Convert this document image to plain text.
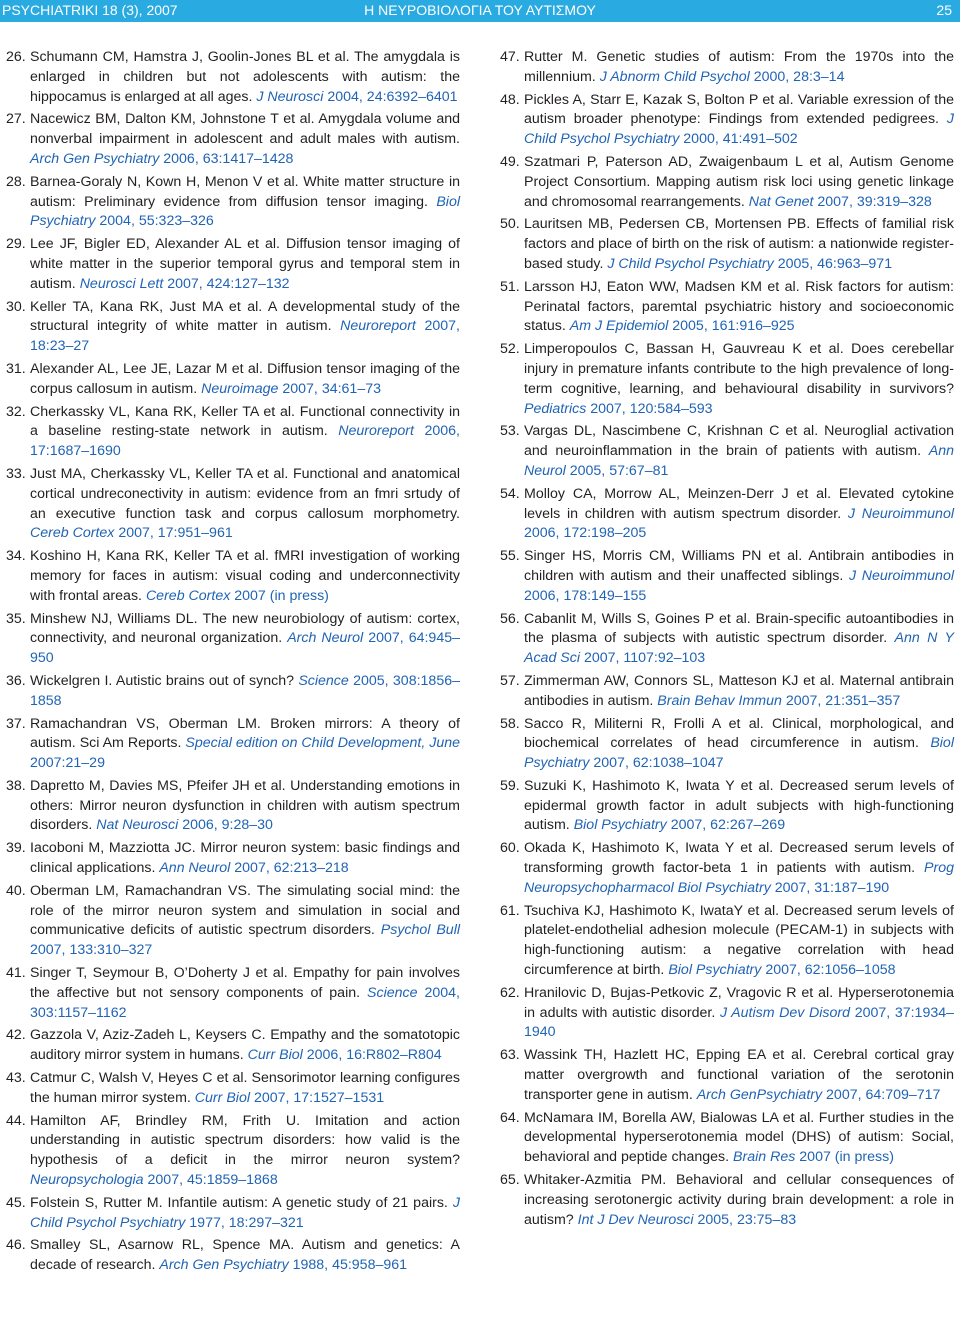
PSYCHIATRIKI 18 (3), 2007	Η ΝΕΥΡΟΒΙΟΛΟΓΙΑ ΤΟΥ ΑΥΤΙΣΜΟΥ	25
26. Schumann CM, Hamstra J, Goolin-Jones BL et al. The amygdala is enlarged in children but not adolescents with autism: the hippocamus is enlarged at all ages. J Neurosci 2004, 24:6392–6401
27. Nacewicz BM, Dalton KM, Johnstone T et al. Amygdala volume and nonverbal impairment in adolescent and adult males with autism. Arch Gen Psychiatry 2006, 63:1417–1428
28. Barnea-Goraly N, Kown H, Menon V et al. White matter structure in autism: Preliminary evidence from diffusion tensor imaging. Biol Psychiatry 2004, 55:323–326
29. Lee JF, Bigler ED, Alexander AL et al. Diffusion tensor imaging of white matter in the superior temporal gyrus and temporal stem in autism. Neurosci Lett 2007, 424:127–132
30. Keller TA, Kana RK, Just MA et al. A developmental study of the structural integrity of white matter in autism. Neuroreport 2007, 18:23–27
31. Alexander AL, Lee JE, Lazar M et al. Diffusion tensor imaging of the corpus callosum in autism. Neuroimage 2007, 34:61–73
32. Cherkassky VL, Kana RK, Keller TA et al. Functional connectivity in a baseline resting-state network in autism. Neuroreport 2006, 17:1687–1690
33. Just MA, Cherkassky VL, Keller TA et al. Functional and anatomical cortical undreconectivity in autism: evidence from an fmri srtudy of an executive function task and corpus callosum morphometry. Cereb Cortex 2007, 17:951–961
34. Koshino H, Kana RK, Keller TA et al. fMRI investigation of working memory for faces in autism: visual coding and underconnectivity with frontal areas. Cereb Cortex 2007 (in press)
35. Minshew NJ, Williams DL. The new neurobiology of autism: cortex, connectivity, and neuronal organization. Arch Neurol 2007, 64:945–950
36. Wickelgren I. Autistic brains out of synch? Science 2005, 308:1856–1858
37. Ramachandran VS, Oberman LM. Broken mirrors: A theory of autism. Sci Am Reports. Special edition on Child Development, June 2007:21–29
38. Dapretto M, Davies MS, Pfeifer JH et al. Understanding emotions in others: Mirror neuron dysfunction in children with autism spectrum disorders. Nat Neurosci 2006, 9:28–30
39. Iacoboni M, Mazziotta JC. Mirror neuron system: basic findings and clinical applications. Ann Neurol 2007, 62:213–218
40. Oberman LM, Ramachandran VS. The simulating social mind: the role of the mirror neuron system and simulation in social and communicative deficits of autistic spectrum disorders. Psychol Bull 2007, 133:310–327
41. Singer T, Seymour B, O’Doherty J et al. Empathy for pain involves the affective but not sensory components of pain. Science 2004, 303:1157–1162
42. Gazzola V, Aziz-Zadeh L, Keysers C. Empathy and the somatotopic auditory mirror system in humans. Curr Biol 2006, 16:R802–R804
43. Catmur C, Walsh V, Heyes C et al. Sensorimotor learning configures the human mirror system. Curr Biol 2007, 17:1527–1531
44. Hamilton AF, Brindley RM, Frith U. Imitation and action understanding in autistic spectrum disorders: how valid is the hypothesis of a deficit in the mirror neuron system? Neuropsychologia 2007, 45:1859–1868
45. Folstein S, Rutter M. Infantile autism: A genetic study of 21 pairs. J Child Psychol Psychiatry 1977, 18:297–321
46. Smalley SL, Asarnow RL, Spence MA. Autism and genetics: A decade of research. Arch Gen Psychiatry 1988, 45:958–961
47. Rutter M. Genetic studies of autism: From the 1970s into the millennium. J Abnorm Child Psychol 2000, 28:3–14
48. Pickles A, Starr E, Kazak S, Bolton P et al. Variable exression of the autism broader phenotype: Findings from extended pedigrees. J Child Psychol Psychiatry 2000, 41:491–502
49. Szatmari P, Paterson AD, Zwaigenbaum L et al, Autism Genome Project Consortium. Mapping autism risk loci using genetic linkage and chromosomal rearrangements. Nat Genet 2007, 39:319–328
50. Lauritsen MB, Pedersen CB, Mortensen PB. Effects of familial risk factors and place of birth on the risk of autism: a nationwide register-based study. J Child Psychol Psychiatry 2005, 46:963–971
51. Larsson HJ, Eaton WW, Madsen KM et al. Risk factors for autism: Perinatal factors, paremtal psychiatric history and socioeconomic status. Am J Epidemiol 2005, 161:916–925
52. Limperopoulos C, Bassan H, Gauvreau K et al. Does cerebellar injury in premature infants contribute to the high prevalence of long-term cognitive, learning, and behavioural disability in survivors? Pediatrics 2007, 120:584–593
53. Vargas DL, Nascimbene C, Krishnan C et al. Neuroglial activation and neuroinflammation in the brain of patients with autism. Ann Neurol 2005, 57:67–81
54. Molloy CA, Morrow AL, Meinzen-Derr J et al. Elevated cytokine levels in children with autism spectrum disorder. J Neuroimmunol 2006, 172:198–205
55. Singer HS, Morris CM, Williams PN et al. Antibrain antibodies in children with autism and their unaffected siblings. J Neuroimmunol 2006, 178:149–155
56. Cabanlit M, Wills S, Goines P et al. Brain-specific autoantibodies in the plasma of subjects with autistic spectrum disorder. Ann N Y Acad Sci 2007, 1107:92–103
57. Zimmerman AW, Connors SL, Matteson KJ et al. Maternal antibrain antibodies in autism. Brain Behav Immun 2007, 21:351–357
58. Sacco R, Militerni R, Frolli A et al. Clinical, morphological, and biochemical correlates of head circumference in autism. Biol Psychiatry 2007, 62:1038–1047
59. Suzuki K, Hashimoto K, Iwata Y et al. Decreased serum levels of epidermal growth factor in adult subjects with high-functioning autism. Biol Psychiatry 2007, 62:267–269
60. Okada K, Hashimoto K, Iwata Y et al. Decreased serum levels of transforming growth factor-beta 1 in patients with autism. Prog Neuropsychopharmacol Biol Psychiatry 2007, 31:187–190
61. Tsuchiva KJ, Hashimoto K, IwataY et al. Decreased serum levels of platelet-endothelial adhesion molecule (PECAM-1) in subjects with high-functioning autism: a negative correlation with head circumference at birth. Biol Psychiatry 2007, 62:1056–1058
62. Hranilovic D, Bujas-Petkovic Z, Vragovic R et al. Hyperserotonemia in adults with autistic disorder. J Autism Dev Disord 2007, 37:1934–1940
63. Wassink TH, Hazlett HC, Epping EA et al. Cerebral cortical gray matter overgrowth and functional variation of the serotonin transporter gene in autism. Arch GenPsychiatry 2007, 64:709–717
64. McNamara IM, Borella AW, Bialowas LA et al. Further studies in the developmental hyperserotonemia model (DHS) of autism: Social, behavioral and peptide changes. Brain Res 2007 (in press)
65. Whitaker-Azmitia PM. Behavioral and cellular consequences of increasing serotonergic activity during brain development: a role in autism? Int J Dev Neurosci 2005, 23:75–83
